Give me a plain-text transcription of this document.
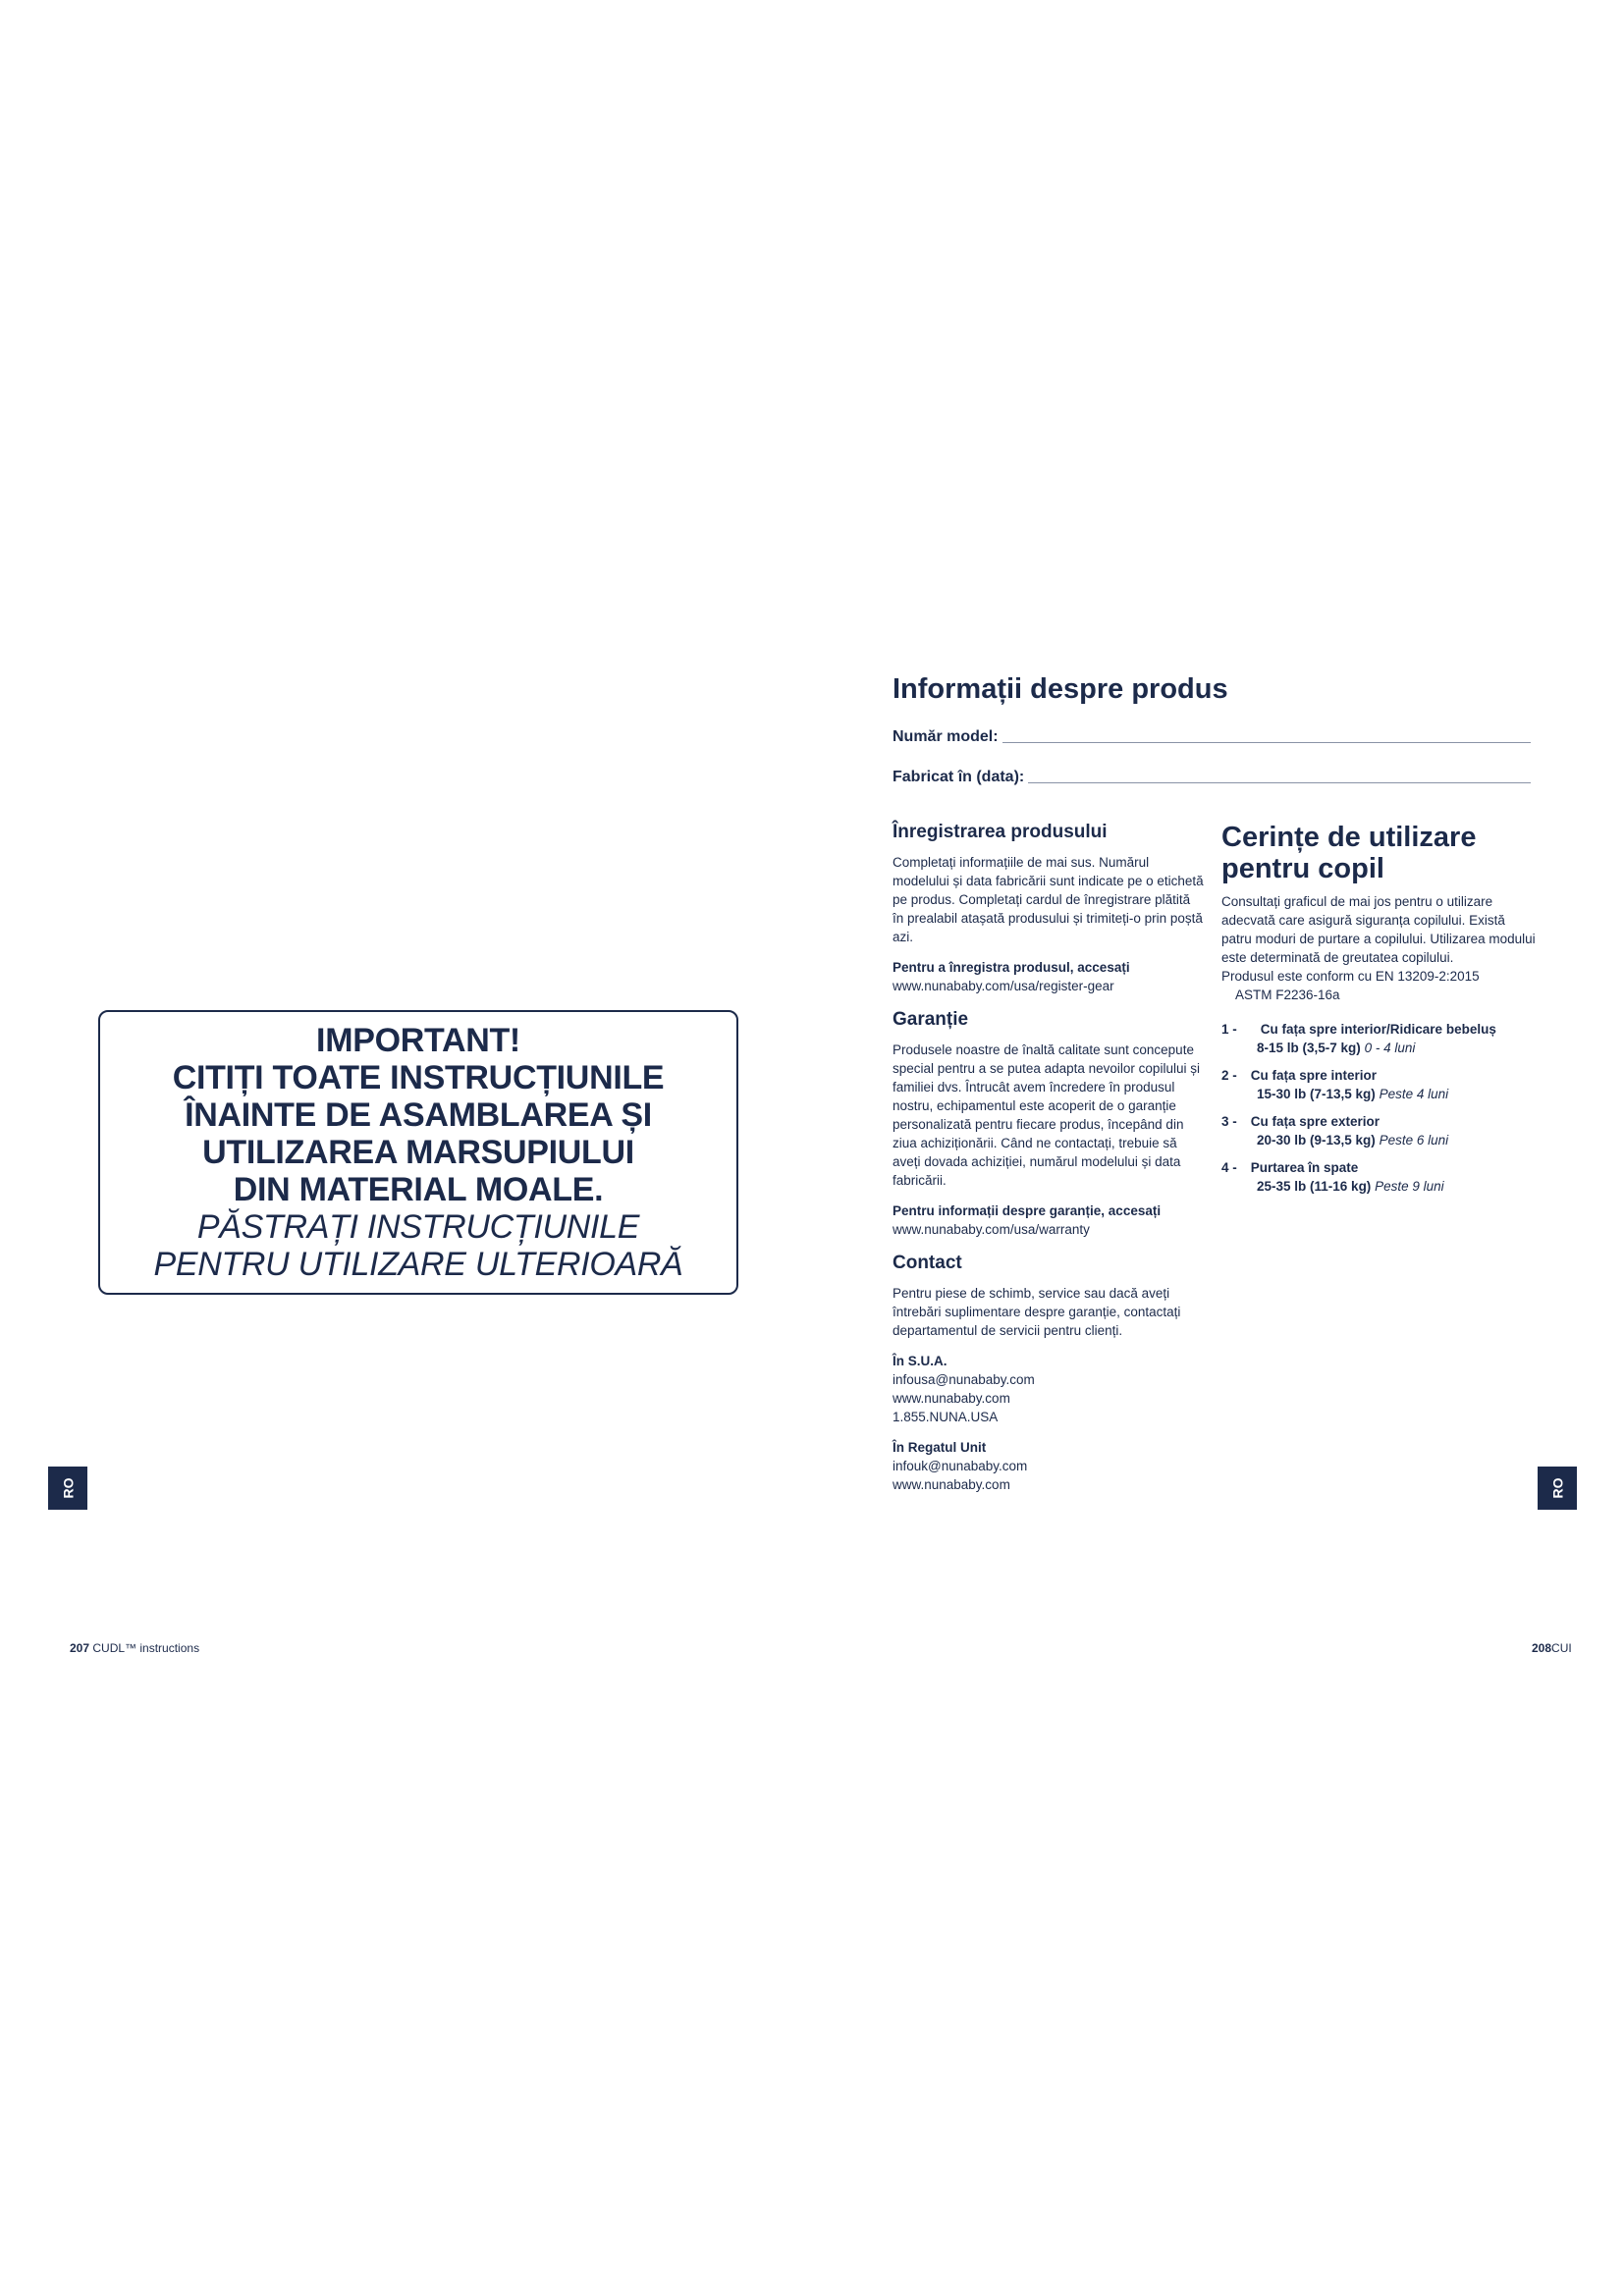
IMPORTANT!
CITIȚI TOATE INSTRUCȚIUNILE
ÎNAINTE DE ASAMBLAREA ȘI
UTILIZAREA MARSUPIULUI
DIN MATERIAL MOALE.
PĂSTRAȚI INSTRUCȚIUNILE
PENTRU UTILIZARE ULTERIOARĂ
RO
207 CUDL™ instructions
Informații despre produs
Număr model:
Fabricat în (data):
Înregistrarea produsului

Completați informațiile de mai sus. Numărul modelului și data fabricării sunt indicate pe o etichetă pe produs. Completați cardul de înregistrare plătită în prealabil atașată produsului și trimiteți-o prin poștă azi.

Pentru a înregistra produsul, accesați
www.nunababy.com/usa/register-gear

Garanție

Produsele noastre de înaltă calitate sunt concepute special pentru a se putea adapta nevoilor copilului și familiei dvs. Întrucât avem încredere în produsul nostru, echipamentul este acoperit de o garanție personalizată pentru fiecare produs, începând din ziua achiziționării. Când ne contactați, trebuie să aveți dovada achiziției, numărul modelului și data fabricării.

Pentru informații despre garanție, accesați
www.nunababy.com/usa/warranty

Contact

Pentru piese de schimb, service sau dacă aveți întrebări suplimentare despre garanție, contactați departamentul de servicii pentru clienți.

În S.U.A.
infousa@nunababy.com
www.nunababy.com
1.855.NUNA.USA

În Regatul Unit
infouk@nunababy.com
www.nunababy.com

Cerințe de utilizare
pentru copil
Consultați graficul de mai jos pentru o utilizare adecvată care asigură siguranța copilului. Există patru moduri de purtare a copilului. Utilizarea modului este determinată de greutatea copilului.
Produsul este conform cu EN 13209-2:2015
ASTM F2236-16a
1 - Cu fața spre interior/Ridicare bebeluș
8-15 lb (3,5-7 kg) 0 - 4 luni
2 - Cu fața spre interior
15-30 lb (7-13,5 kg) Peste 4 luni
3 - Cu fața spre exterior
20-30 lb (9-13,5 kg) Peste 6 luni
4 - Purtarea în spate
25-35 lb (11-16 kg) Peste 9 luni
RO
208CUI
